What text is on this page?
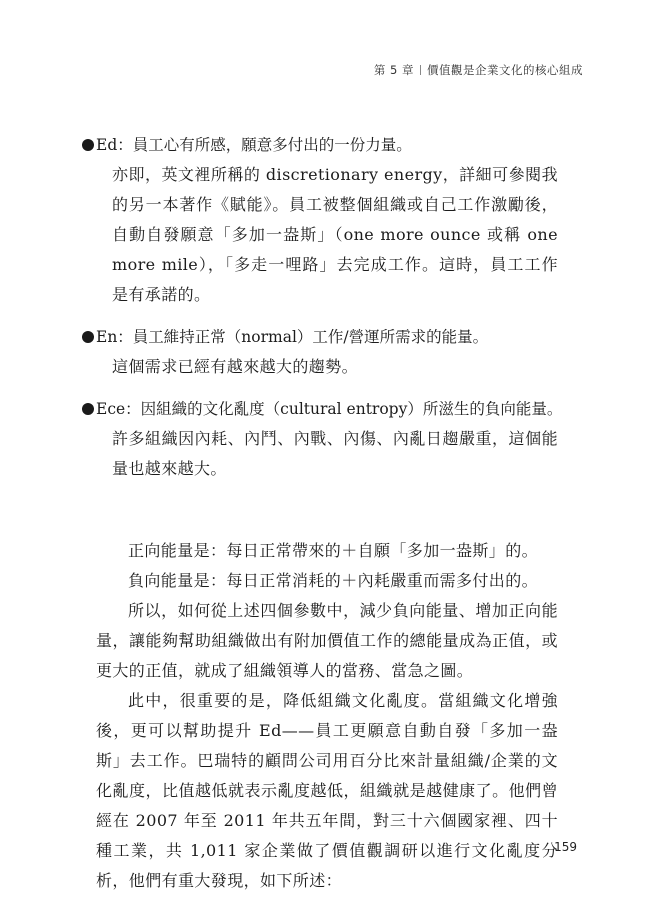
第 5 章 價值觀是企業文化的核心組成
Ed：員工心有所感，願意多付出的一份力量。
亦即，英文裡所稱的 discretionary energy，詳細可參閱我的另一本著作《賦能》。員工被整個組織或自己工作激勵後，自動自發願意「多加一盎斯」（one more ounce 或稱 one more mile），「多走一哩路」去完成工作。這時，員工工作是有承諾的。
En：員工維持正常（normal）工作/營運所需求的能量。
這個需求已經有越來越大的趨勢。
Ece：因組織的文化亂度（cultural entropy）所滋生的負向能量。
許多組織因內耗、內鬥、內戰、內傷、內亂日趨嚴重，這個能量也越來越大。

正向能量是：每日正常帶來的＋自願「多加一盎斯」的。

負向能量是：每日正常消耗的＋內耗嚴重而需多付出的。

所以，如何從上述四個參數中，減少負向能量、增加正向能量，讓能夠幫助組織做出有附加價值工作的總能量成為正值，或更大的正值，就成了組織領導人的當務、當急之圖。

此中，很重要的是，降低組織文化亂度。當組織文化增強後，更可以幫助提升 Ed——員工更願意自動自發「多加一盎斯」去工作。巴瑞特的顧問公司用百分比來計量組織/企業的文化亂度，比值越低就表示亂度越低，組織就是越健康了。他們曾經在 2007 年至 2011 年共五年間，對三十六個國家裡、四十種工業，共 1,011 家企業做了價值觀調研以進行文化亂度分析，他們有重大發現，如下所述：

159
